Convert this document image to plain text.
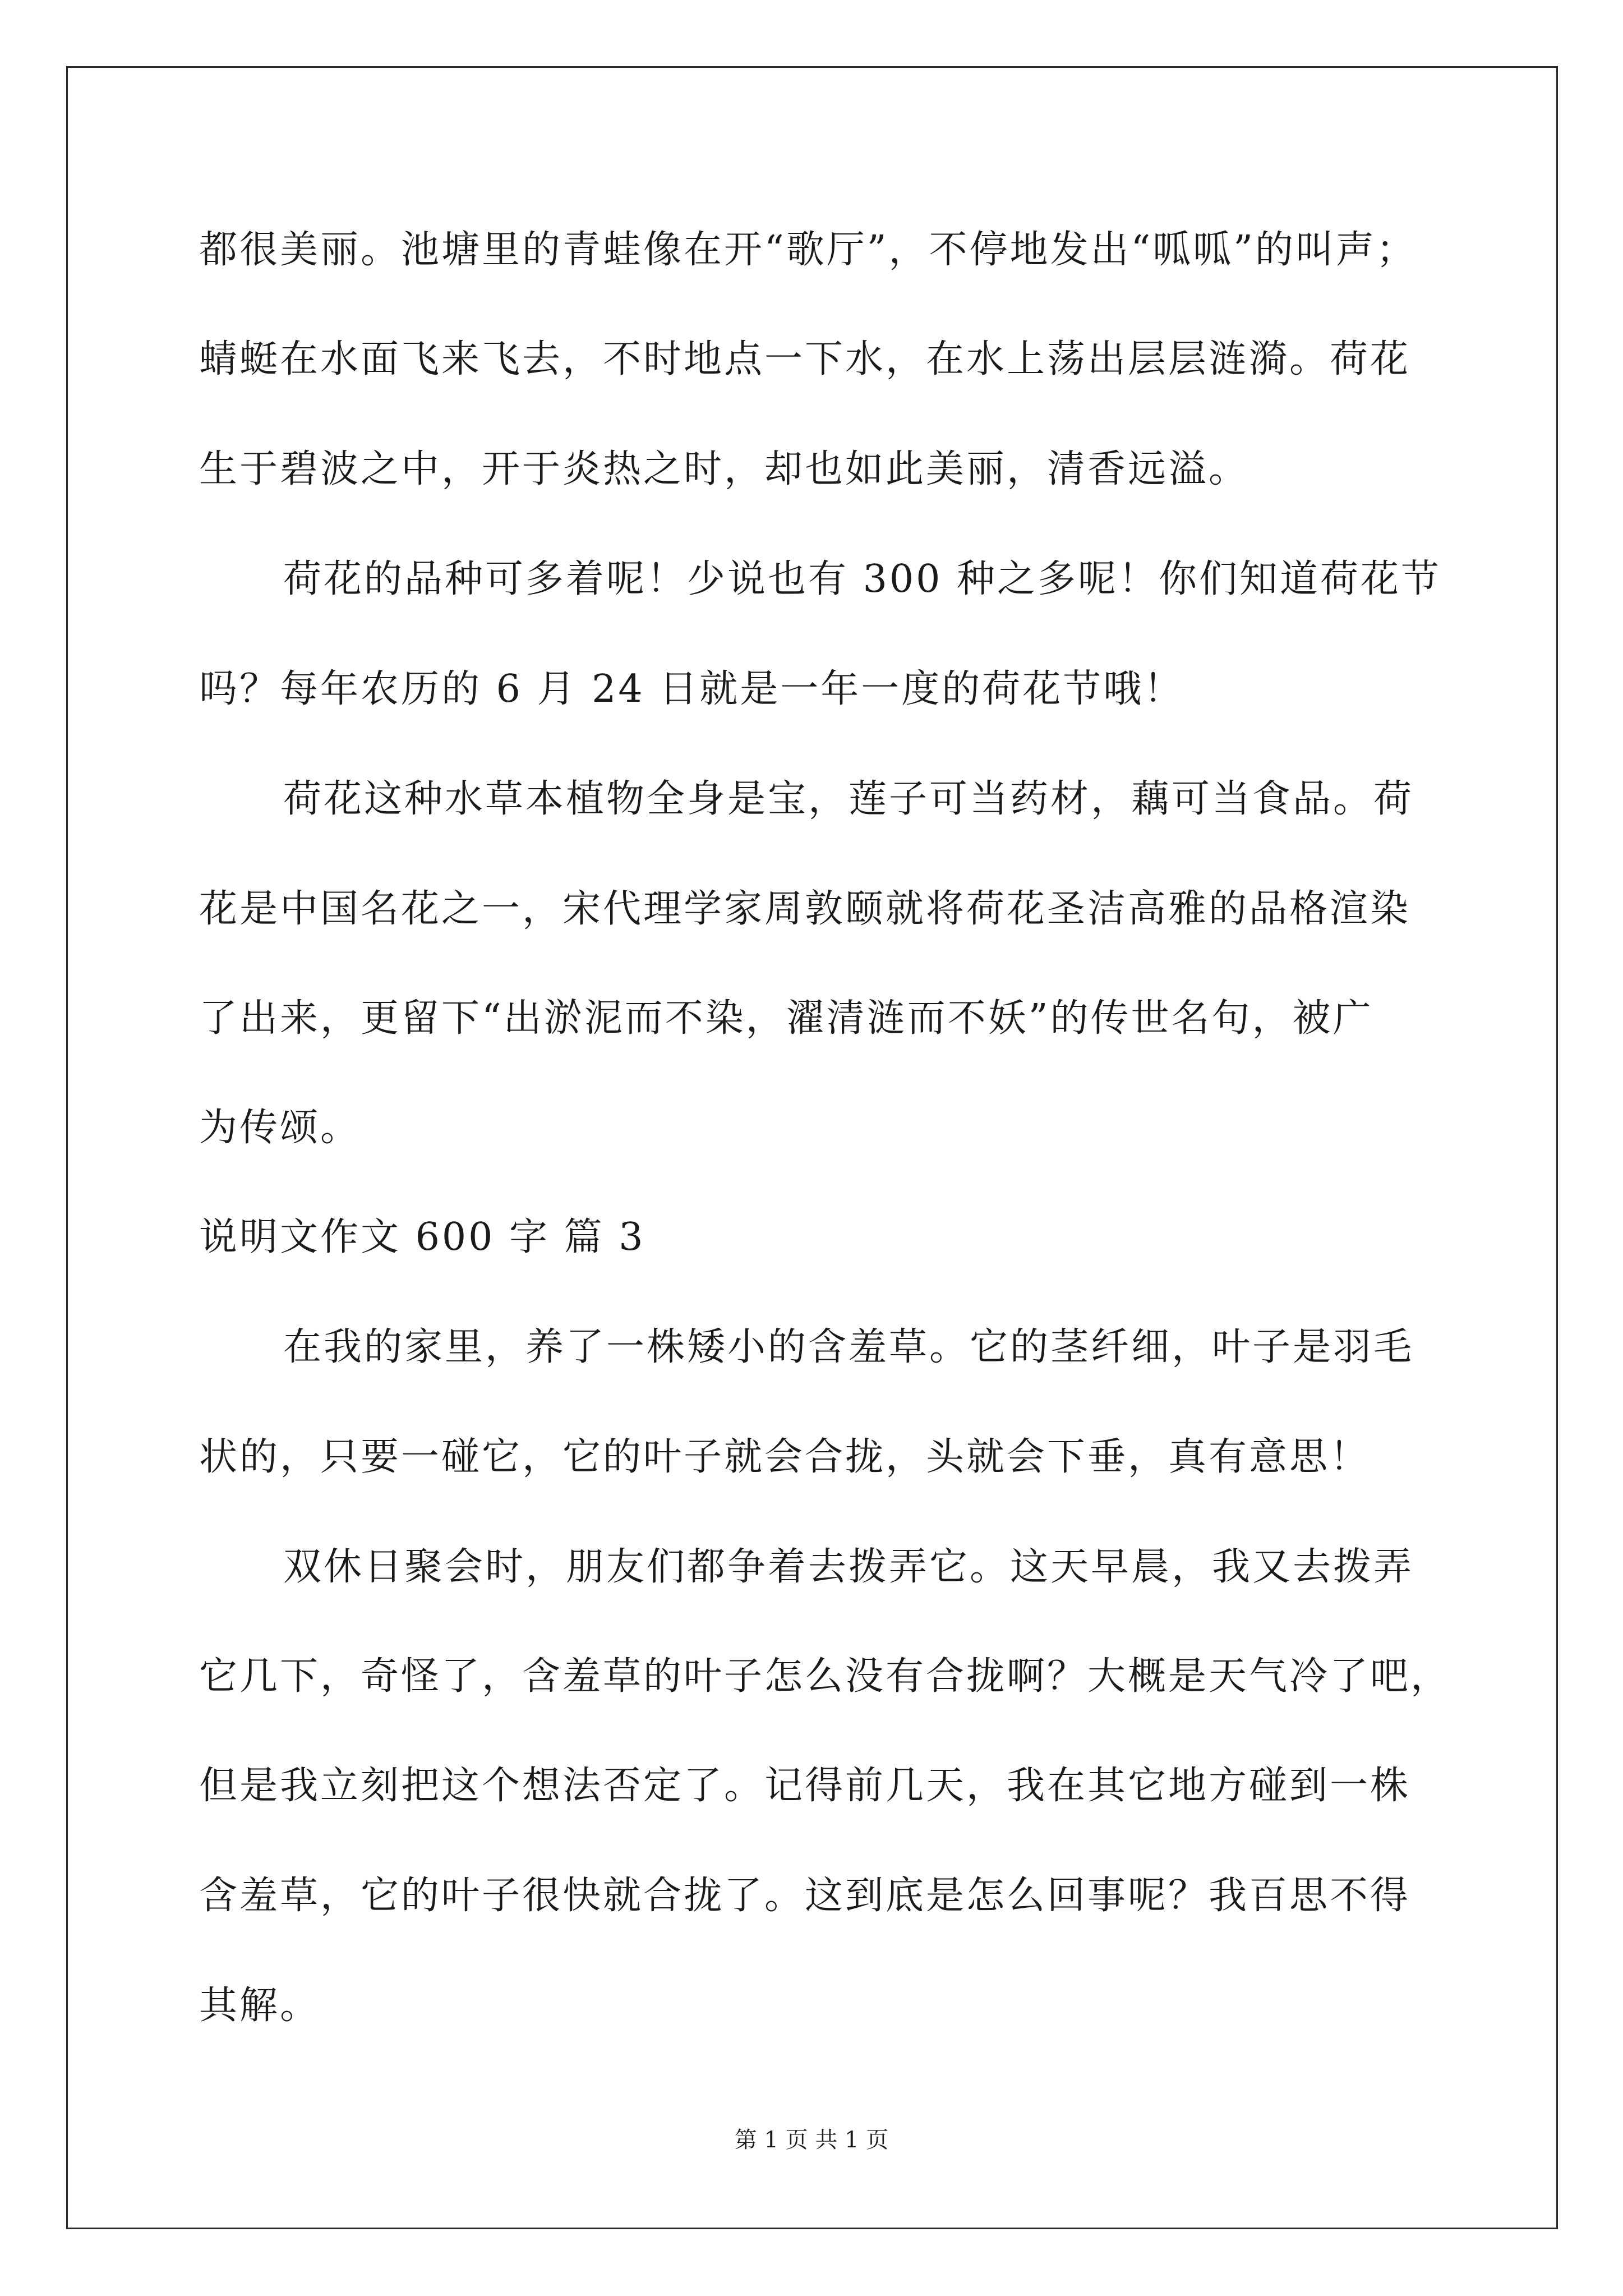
都很美丽。池塘里的青蛙像在开“歌厅”，不停地发出“呱呱”的叫声；
蜻蜓在水面飞来飞去，不时地点一下水，在水上荡出层层涟漪。荷花
生于碧波之中，开于炎热之时，却也如此美丽，清香远溢。
荷花的品种可多着呢！少说也有 300 种之多呢！你们知道荷花节
吗？每年农历的 6 月 24 日就是一年一度的荷花节哦！
荷花这种水草本植物全身是宝，莲子可当药材，藕可当食品。荷
花是中国名花之一，宋代理学家周敦颐就将荷花圣洁高雅的品格渲染
了出来，更留下“出淤泥而不染，濯清涟而不妖”的传世名句，被广
为传颂。
说明文作文 600 字 篇 3
在我的家里，养了一株矮小的含羞草。它的茎纤细，叶子是羽毛
状的，只要一碰它，它的叶子就会合拢，头就会下垂，真有意思！
双休日聚会时，朋友们都争着去拨弄它。这天早晨，我又去拨弄
它几下，奇怪了，含羞草的叶子怎么没有合拢啊？大概是天气冷了吧，
但是我立刻把这个想法否定了。记得前几天，我在其它地方碰到一株
含羞草，它的叶子很快就合拢了。这到底是怎么回事呢？我百思不得
其解。
第 1 页 共 1 页
